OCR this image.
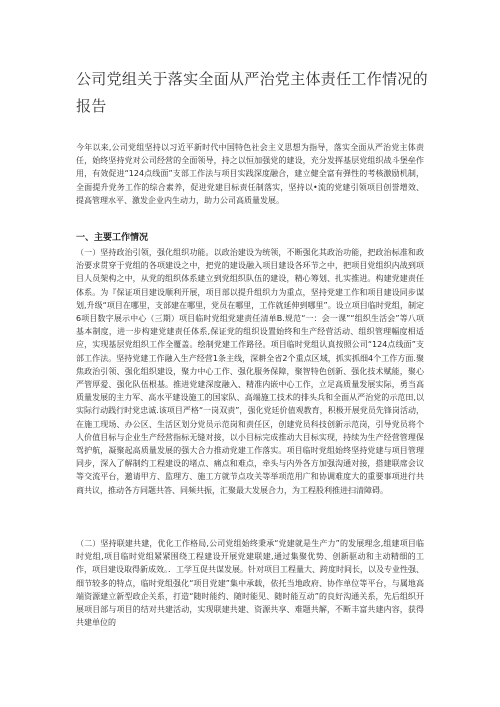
公司党组关于落实全面从严治党主体责任工作情况的报告
今年以来,公司党组坚持以习近平新时代中国特色社会主义思想为指导，落实全面从严治党主体责任，始终坚持党对公司经营的全面领导，持之以恒加强党的建设，充分发挥基层党组织战斗堡垒作用，有效促进“124点线面”支部工作法与项目实践深度融合，建立健全富有弹性的考核激励机制，全面提升党务工作的综合素养，促进党建目标责任制落实，坚持以•流的党建引领项目创誉增效、提高管理水平、激发企业内生动力，助力公司高质量发展。
一、主要工作情况
（一）坚持政治引领，强化组织功能。以政治建设为统领，不断强化其政治功能，把政治标准和政治要求贯穿于党组的各项建设之中，把党的建设融入项目建设各环节之中，把项目党组织内战到项目人员架构之中，从党的组织体系建立到党组织队伍的建设，精心筹划、扎实推进。构建党建责任体系。为『保证项目建设顺利开展，项目部以提升组织力为重点，坚持党建工作和项目建设同步谋划,升级“项目在哪里，支部建在哪里，党员在哪里，工作就延伸到哪里”。设立项目临时党组，制定6项目数字展示中心（三期）项目临时党组党建责任清单B.规范“一：会一课”“组织生活会”等八项基本制度，进一步构建党建责任体系,保证党的组织设置始终和生产经营活动、组织管理幅度相适应，实现基层党组织工作全覆盖。绘制党建工作路径。项目临时党组认真按照公司“124点线面”支部工作法。坚持党建工作融入生产经营1条主线，深耕全省2个重点区域，抓实抓细4个工作方面.聚焦政治引领、强化组织建设，聚力中心工作、强化服务保障，聚智特色创新、强化技术赋能，聚心严管厚爱、强化队伍根基。推进党建深度融入、精准内嵌中心工作，立足高质量发展实际，勇当高质量发展的主力军、高水平建设施工的国家队、高端施工技术的排头兵和全面从严治党的示范田,以实际行动践行时党忠诚.该项目严格“一岗双责”，强化党廷价值观教育，积极开展党员先锋岗活动，在施工现场、办公区、生活区划分党员示范岗和责任区，创建党员科技创新示范岗，引导党员将个人价值目标与企业生产经营指标无缝对接，以小目标完成推动大目标实现，持续为生产经营管理保驾护航，凝聚起高质量发展的强大合力推动党建工作落实。项目临时党组始终坚持党建与项目管理同步，深入了解制约工程建设的堵点、痛点和难点，牵头与内外各方加强沟通对接，搭建联席会议等交流平台，邀请甲方、监理方、施工方就节点攻关等举项范用广和协调难度大的重要事项进行共商共议，推动各方同题共答、同频共振，汇聚最大发展合力，为工程股利推进扫清障碍。
（二）坚持联建共建，优化工作格局,公司党组始终秉承“党建就是生产力”的发展理念,组建项目临时党组,项目临时党组紧紧围绕工程建设开展党建联建,通过集聚优势、创新驱动和主动精细的工作，项目建设取得新成效。．工学互促共谋发展。针对项目工程量大、跨度时间长，以及专业性强、细节较多的特点，临时党组强化“项目党建”集中承载，依托当地政府、协作单位等平台，与属地高端资源建立新型政企关系，打造“随时能约、随时能见、随时能互动”的良好沟通关系，先后组织开展项目部与项目的结对共建活动，实现联建共建、资源共享、难题共解，不断丰富共建内容，获得共建单位的
